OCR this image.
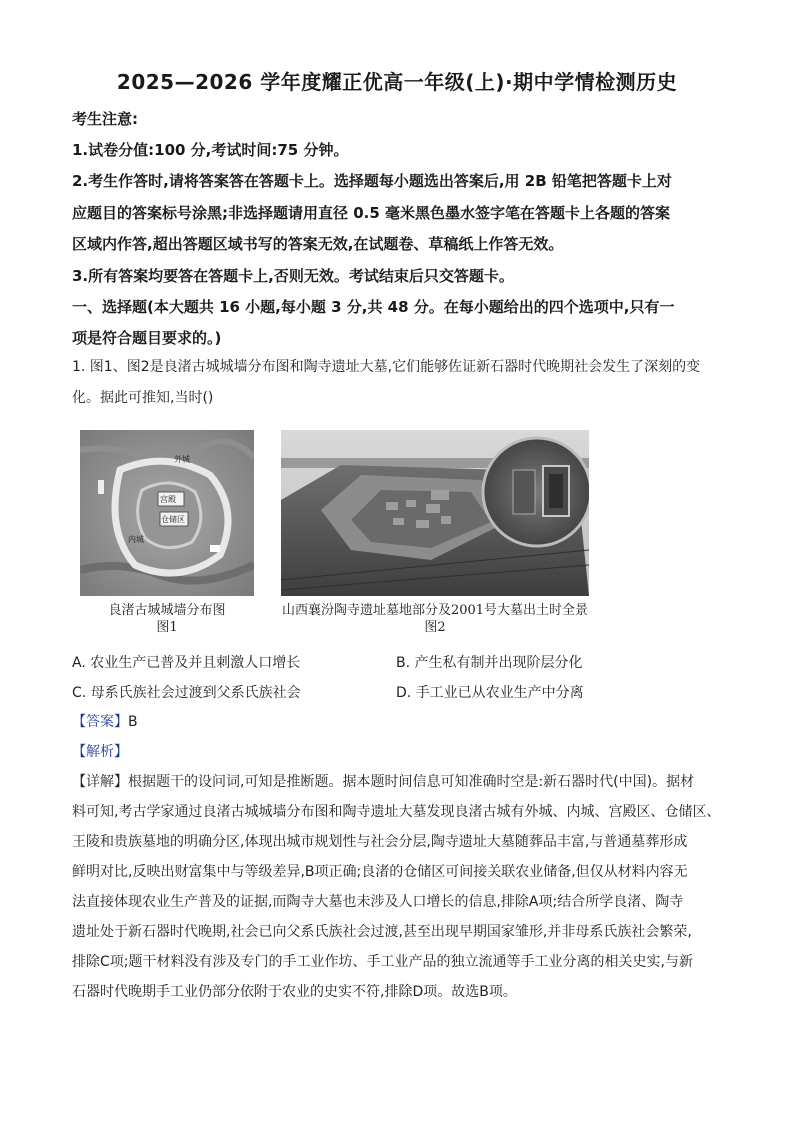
2025—2026 学年度耀正优高一年级(上)·期中学情检测历史
考生注意:
1.试卷分值:100 分,考试时间:75 分钟。
2.考生作答时,请将答案答在答题卡上。选择题每小题选出答案后,用 2B 铅笔把答题卡上对
应题目的答案标号涂黑;非选择题请用直径 0.5 毫米黑色墨水签字笔在答题卡上各题的答案
区域内作答,超出答题区域书写的答案无效,在试题卷、草稿纸上作答无效。
3.所有答案均要答在答题卡上,否则无效。考试结束后只交答题卡。
一、选择题(本大题共 16 小题,每小题 3 分,共 48 分。在每小题给出的四个选项中,只有一
项是符合题目要求的。)
1. 图1、图2是良渚古城城墙分布图和陶寺遗址大墓,它们能够佐证新石器时代晚期社会发生了深刻的变
化。据此可推知,当时()
外城
宫殿
仓储区
内城
良渚古城城墙分布图
图1
山西襄汾陶寺遗址墓地部分及2001号大墓出土时全景
图2
A. 农业生产已普及并且刺激人口增长	B. 产生私有制并出现阶层分化
C. 母系氏族社会过渡到父系氏族社会	D. 手工业已从农业生产中分离
【答案】B
【解析】
【详解】根据题干的设问词,可知是推断题。据本题时间信息可知准确时空是:新石器时代(中国)。据材
料可知,考古学家通过良渚古城城墙分布图和陶寺遗址大墓发现良渚古城有外城、内城、宫殿区、仓储区、
王陵和贵族墓地的明确分区,体现出城市规划性与社会分层,陶寺遗址大墓随葬品丰富,与普通墓葬形成
鲜明对比,反映出财富集中与等级差异,B项正确;良渚的仓储区可间接关联农业储备,但仅从材料内容无
法直接体现农业生产普及的证据,而陶寺大墓也未涉及人口增长的信息,排除A项;结合所学良渚、陶寺
遗址处于新石器时代晚期,社会已向父系氏族社会过渡,甚至出现早期国家雏形,并非母系氏族社会繁荣,
排除C项;题干材料没有涉及专门的手工业作坊、手工业产品的独立流通等手工业分离的相关史实,与新
石器时代晚期手工业仍部分依附于农业的史实不符,排除D项。故选B项。
